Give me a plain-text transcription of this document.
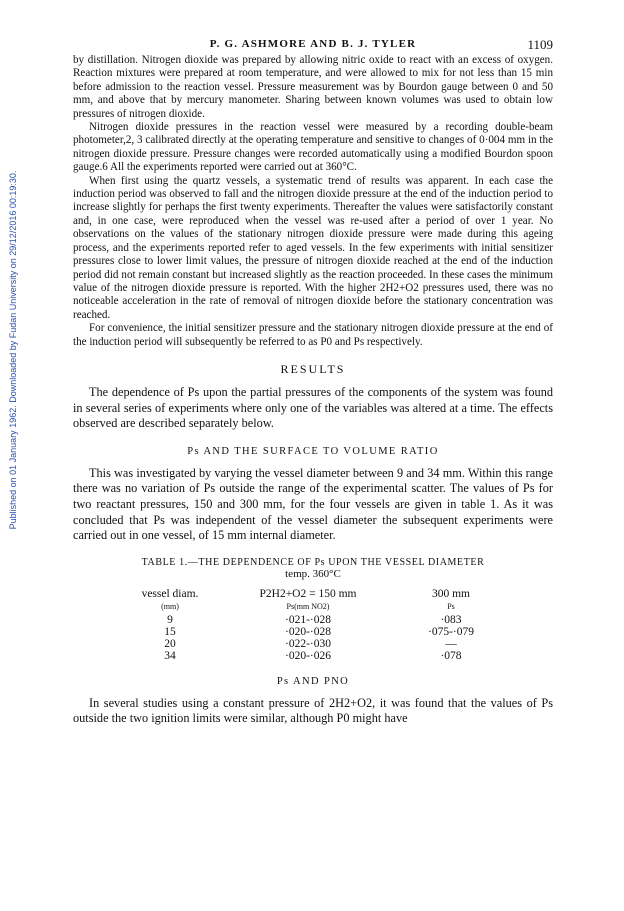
Published on 01 January 1962. Downloaded by Fudan University on 29/12/2016 00:19:30.
P. G. ASHMORE AND B. J. TYLER	1109

by distillation. Nitrogen dioxide was prepared by allowing nitric oxide to react with an excess of oxygen. Reaction mixtures were prepared at room temperature, and were allowed to mix for not less than 15 min before admission to the reaction vessel. Pressure measurement was by Bourdon gauge between 0 and 50 mm, and above that by mercury manometer. Sharing between known volumes was used to obtain low pressures of nitrogen dioxide.

Nitrogen dioxide pressures in the reaction vessel were measured by a recording double-beam photometer,2, 3 calibrated directly at the operating temperature and sensitive to changes of 0·004 mm in the nitrogen dioxide pressure. Pressure changes were recorded automatically using a modified Bourdon spoon gauge.6 All the experiments reported were carried out at 360°C.

When first using the quartz vessels, a systematic trend of results was apparent. In each case the induction period was observed to fall and the nitrogen dioxide pressure at the end of the induction period to increase slightly for perhaps the first twenty experiments. Thereafter the values were satisfactorily constant and, in one case, were reproduced when the vessel was re-used after a period of over 1 year. No observations on the values of the stationary nitrogen dioxide pressure were made during this ageing process, and the experiments reported refer to aged vessels. In the few experiments with initial sensitizer pressures close to lower limit values, the pressure of nitrogen dioxide reached at the end of the induction period did not remain constant but increased slightly as the reaction proceeded. In these cases the minimum value of the nitrogen dioxide pressure is reported. With the higher 2H2+O2 pressures used, there was no noticeable acceleration in the rate of removal of nitrogen dioxide before the stationary concentration was reached.

For convenience, the initial sensitizer pressure and the stationary nitrogen dioxide pressure at the end of the induction period will subsequently be referred to as P0 and Ps respectively.

RESULTS

The dependence of Ps upon the partial pressures of the components of the system was found in several series of experiments where only one of the variables was altered at a time. The effects observed are described separately below.

Ps AND THE SURFACE TO VOLUME RATIO

This was investigated by varying the vessel diameter between 9 and 34 mm. Within this range there was no variation of Ps outside the range of the experimental scatter. The values of Ps for two reactant pressures, 150 and 300 mm, for the four vessels are given in table 1. As it was concluded that Ps was independent of the vessel diameter the subsequent experiments were carried out in one vessel, of 15 mm internal diameter.

TABLE 1.—THE DEPENDENCE OF Ps UPON THE VESSEL DIAMETER
temp. 360°C
vessel diam.	P2H2+O2 = 150 mm	300 mm
(mm)	Ps(mm NO2)	Ps
9	·021-·028	·083
15	·020-·028	·075-·079
20	·022-·030	—
34	·020-·026	·078
Ps AND PNO

In several studies using a constant pressure of 2H2+O2, it was found that the values of Ps outside the two ignition limits were similar, although P0 might have
